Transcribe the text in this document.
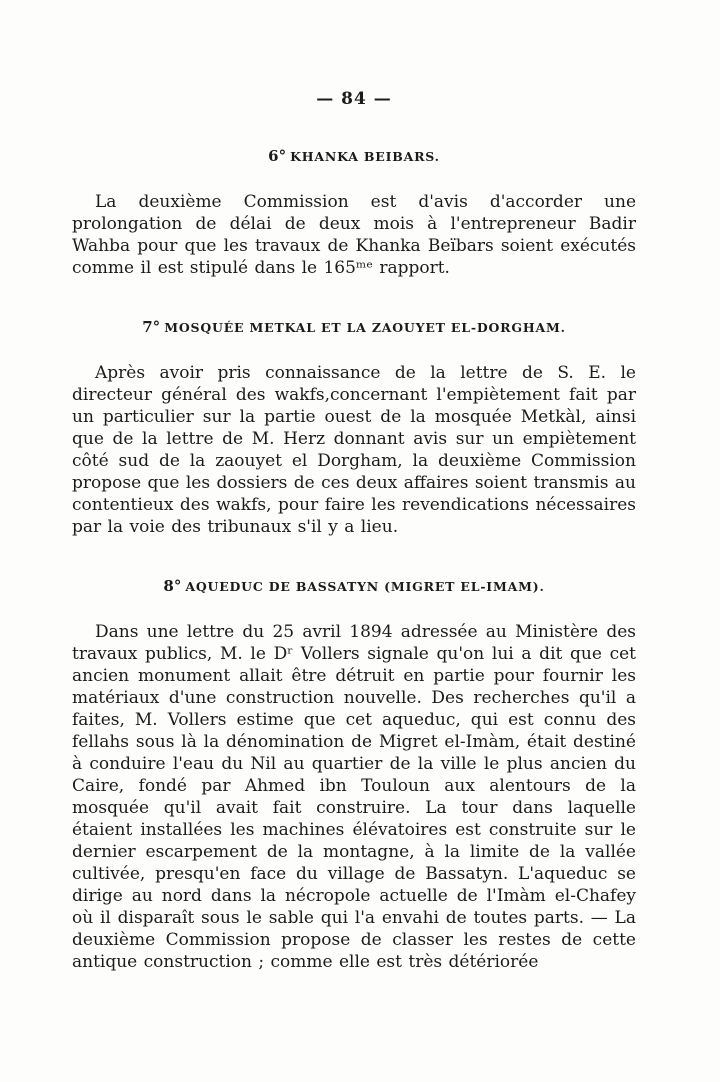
— 84 —
6° KHANKA BEIBARS.

La deuxième Commission est d'avis d'accorder une prolongation de délai de deux mois à l'entrepreneur Badir Wahba pour que les travaux de Khanka Beïbars soient exécutés comme il est stipulé dans le 165ᵐᵉ rapport.

7° MOSQUÉE METKAL ET LA ZAOUYET EL-DORGHAM.

Après avoir pris connaissance de la lettre de S. E. le directeur général des wakfs,concernant l'empiètement fait par un particulier sur la partie ouest de la mosquée Metkàl, ainsi que de la lettre de M. Herz donnant avis sur un empiètement côté sud de la zaouyet el Dorgham, la deuxième Commission propose que les dossiers de ces deux affaires soient transmis au contentieux des wakfs, pour faire les revendications nécessaires par la voie des tribunaux s'il y a lieu.

8° AQUEDUC DE BASSATYN (MIGRET EL-IMAM).

Dans une lettre du 25 avril 1894 adressée au Ministère des travaux publics, M. le Dʳ Vollers signale qu'on lui a dit que cet ancien monument allait être détruit en partie pour fournir les matériaux d'une construction nouvelle. Des recherches qu'il a faites, M. Vollers estime que cet aqueduc, qui est connu des fellahs sous là la dénomination de Migret el-Imàm, était destiné à conduire l'eau du Nil au quartier de la ville le plus ancien du Caire, fondé par Ahmed ibn Touloun aux alentours de la mosquée qu'il avait fait construire. La tour dans laquelle étaient installées les machines élévatoires est construite sur le dernier escarpement de la montagne, à la limite de la vallée cultivée, presqu'en face du village de Bassatyn. L'aqueduc se dirige au nord dans la nécropole actuelle de l'Imàm el-Chafey où il disparaît sous le sable qui l'a envahi de toutes parts. — La deuxième Commission propose de classer les restes de cette antique construction ; comme elle est très détériorée
